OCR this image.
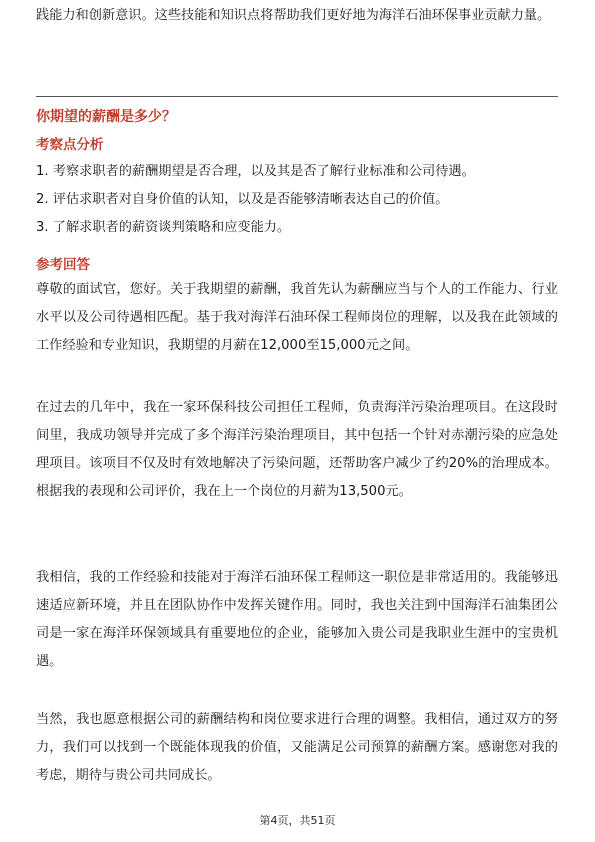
践能力和创新意识。这些技能和知识点将帮助我们更好地为海洋石油环保事业贡献力量。

你期望的薪酬是多少？

考察点分析

1. 考察求职者的薪酬期望是否合理，以及其是否了解行业标准和公司待遇。

2. 评估求职者对自身价值的认知，以及是否能够清晰表达自己的价值。

3. 了解求职者的薪资谈判策略和应变能力。

参考回答

尊敬的面试官，您好。关于我期望的薪酬，我首先认为薪酬应当与个人的工作能力、行业水平以及公司待遇相匹配。基于我对海洋石油环保工程师岗位的理解，以及我在此领域的工作经验和专业知识，我期望的月薪在12,000至15,000元之间。

在过去的几年中，我在一家环保科技公司担任工程师，负责海洋污染治理项目。在这段时间里，我成功领导并完成了多个海洋污染治理项目，其中包括一个针对赤潮污染的应急处理项目。该项目不仅及时有效地解决了污染问题，还帮助客户减少了约20%的治理成本。根据我的表现和公司评价，我在上一个岗位的月薪为13,500元。

我相信，我的工作经验和技能对于海洋石油环保工程师这一职位是非常适用的。我能够迅速适应新环境，并且在团队协作中发挥关键作用。同时，我也关注到中国海洋石油集团公司是一家在海洋环保领域具有重要地位的企业，能够加入贵公司是我职业生涯中的宝贵机遇。

当然，我也愿意根据公司的薪酬结构和岗位要求进行合理的调整。我相信，通过双方的努力，我们可以找到一个既能体现我的价值，又能满足公司预算的薪酬方案。感谢您对我的考虑，期待与贵公司共同成长。

第4页，共51页
